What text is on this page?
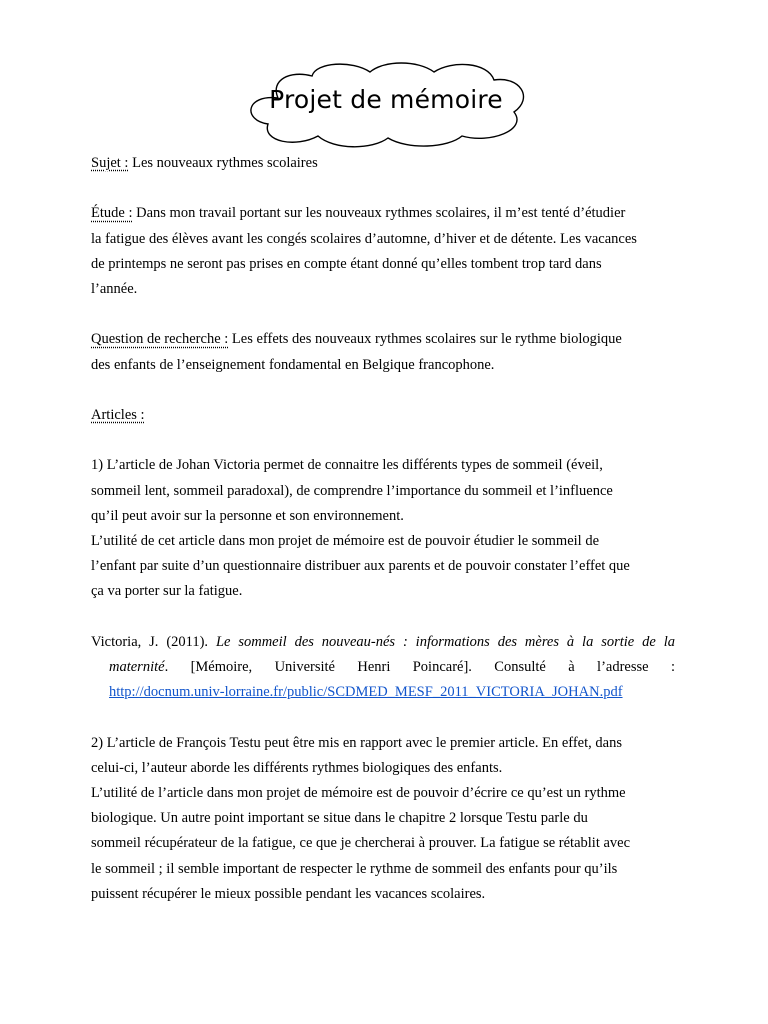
Projet de mémoire

Sujet : Les nouveaux rythmes scolaires

Étude : Dans mon travail portant sur les nouveaux rythmes scolaires, il m’est tenté d’étudier
la fatigue des élèves avant les congés scolaires d’automne, d’hiver et de détente. Les vacances
de printemps ne seront pas prises en compte étant donné qu’elles tombent trop tard dans
l’année.

Question de recherche : Les effets des nouveaux rythmes scolaires sur le rythme biologique
des enfants de l’enseignement fondamental en Belgique francophone.

Articles :

1) L’article de Johan Victoria permet de connaitre les différents types de sommeil (éveil,
sommeil lent, sommeil paradoxal), de comprendre l’importance du sommeil et l’influence
qu’il peut avoir sur la personne et son environnement.
L’utilité de cet article dans mon projet de mémoire est de pouvoir étudier le sommeil de
l’enfant par suite d’un questionnaire distribuer aux parents et de pouvoir constater l’effet que
ça va porter sur la fatigue.

Victoria, J. (2011). Le sommeil des nouveau-nés : informations des mères à la sortie de la
maternité. [Mémoire, Université Henri Poincaré]. Consulté à l’adresse :
http://docnum.univ-lorraine.fr/public/SCDMED_MESF_2011_VICTORIA_JOHAN.pdf

2) L’article de François Testu peut être mis en rapport avec le premier article. En effet, dans
celui-ci, l’auteur aborde les différents rythmes biologiques des enfants.
L’utilité de l’article dans mon projet de mémoire est de pouvoir d’écrire ce qu’est un rythme
biologique. Un autre point important se situe dans le chapitre 2 lorsque Testu parle du
sommeil récupérateur de la fatigue, ce que je chercherai à prouver. La fatigue se rétablit avec
le sommeil ; il semble important de respecter le rythme de sommeil des enfants pour qu’ils
puissent récupérer le mieux possible pendant les vacances scolaires.
